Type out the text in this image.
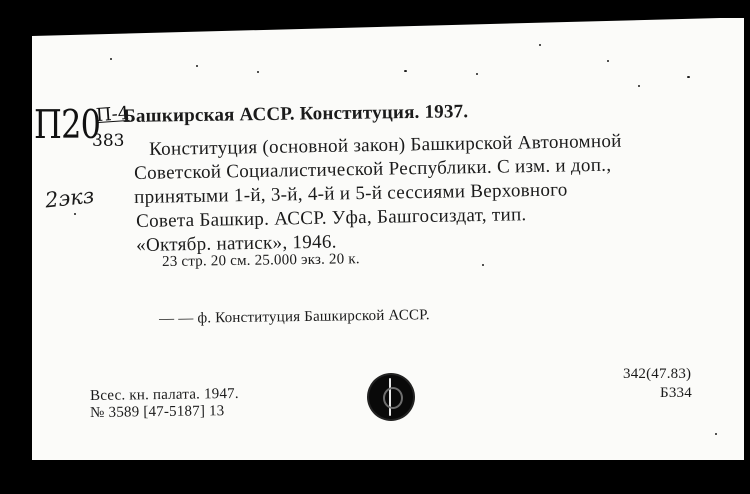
П20
П-4
383
2экз
Башкирская АССР. Конституция. 1937.
Конституция (основной закон) Башкирской Автономной
Советской Социалистической Республики. С изм. и доп.,
принятыми 1-й, 3-й, 4-й и 5-й сессиями Верховного
Совета Башкир. АССР. Уфа, Башгосиздат, тип.
«Октябр. натиск», 1946.
23 стр. 20 см. 25.000 экз. 20 к.
— — ф. Конституция Башкирской АССР.
342(47.83)
Б334
Всес. кн. палата. 1947.
№ 3589 [47-5187] 13
